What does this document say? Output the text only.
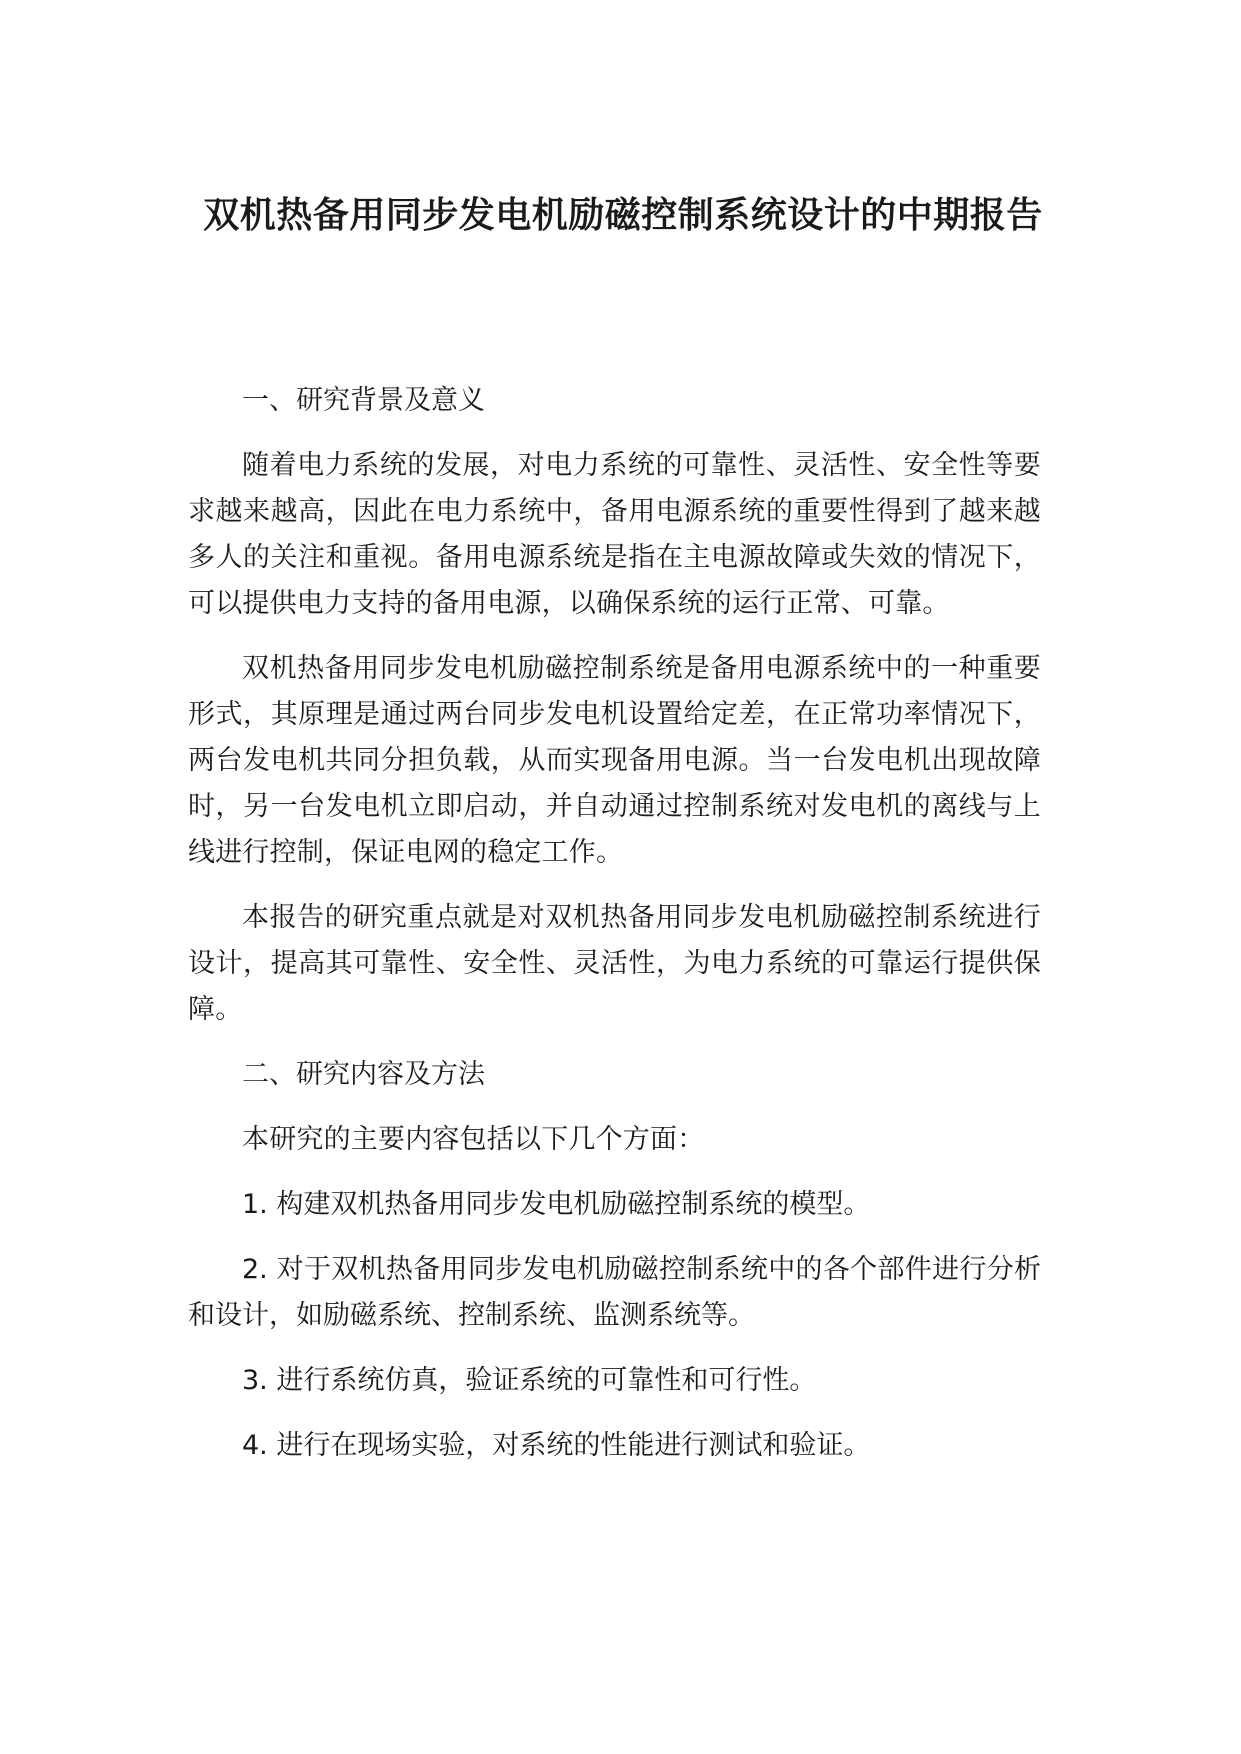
双机热备用同步发电机励磁控制系统设计的中期报告

一、研究背景及意义

随着电力系统的发展，对电力系统的可靠性、灵活性、安全性等要求越来越高，因此在电力系统中，备用电源系统的重要性得到了越来越多人的关注和重视。备用电源系统是指在主电源故障或失效的情况下，可以提供电力支持的备用电源，以确保系统的运行正常、可靠。

双机热备用同步发电机励磁控制系统是备用电源系统中的一种重要形式，其原理是通过两台同步发电机设置给定差，在正常功率情况下，两台发电机共同分担负载，从而实现备用电源。当一台发电机出现故障时，另一台发电机立即启动，并自动通过控制系统对发电机的离线与上线进行控制，保证电网的稳定工作。

本报告的研究重点就是对双机热备用同步发电机励磁控制系统进行设计，提高其可靠性、安全性、灵活性，为电力系统的可靠运行提供保障。

二、研究内容及方法

本研究的主要内容包括以下几个方面：

1. 构建双机热备用同步发电机励磁控制系统的模型。

2. 对于双机热备用同步发电机励磁控制系统中的各个部件进行分析和设计，如励磁系统、控制系统、监测系统等。

3. 进行系统仿真，验证系统的可靠性和可行性。

4. 进行在现场实验，对系统的性能进行测试和验证。
